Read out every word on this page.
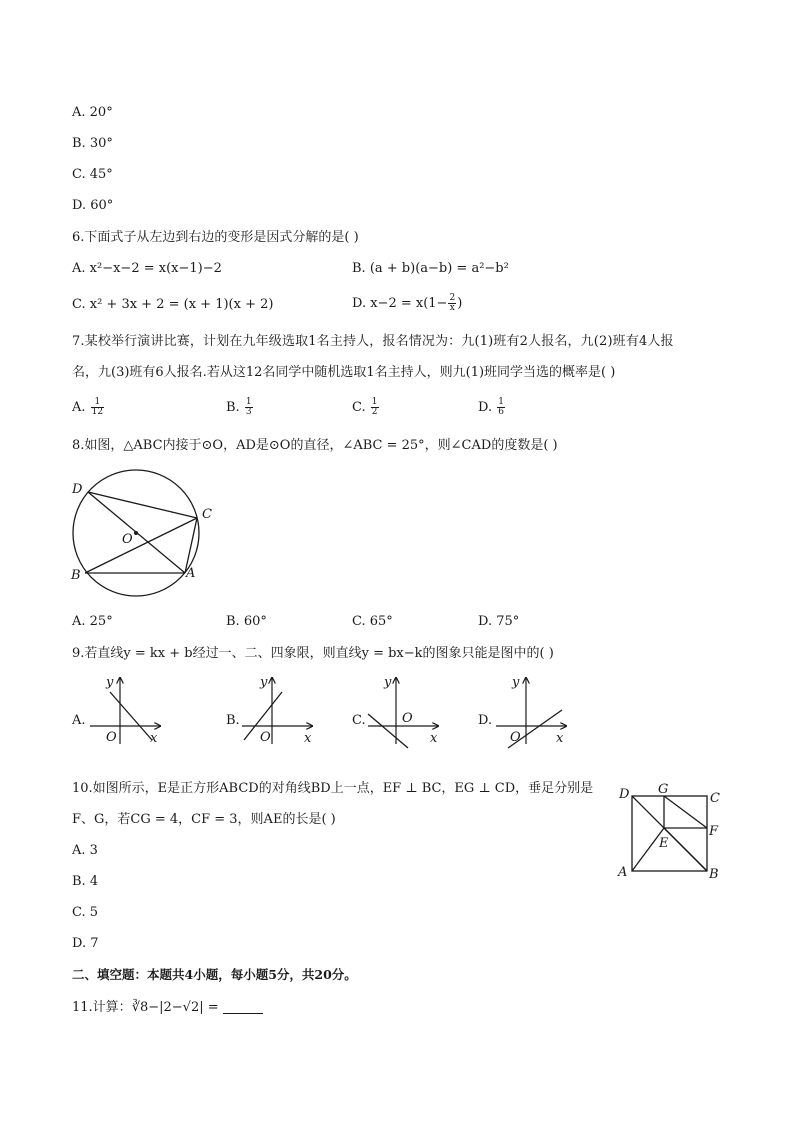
A. 20°
B. 30°
C. 45°
D. 60°
6.下面式子从左边到右边的变形是因式分解的是( )
A. x²−x−2 = x(x−1)−2	B. (a + b)(a−b) = a²−b²
C. x² + 3x + 2 = (x + 1)(x + 2)	D. $x-2 = x(1- \frac{2}{x}$ )
7.某校举行演讲比赛，计划在九年级选取1名主持人，报名情况为：九(1)班有2人报名，九(2)班有4人报
名，九(3)班有6人报名.若从这12名同学中随机选取1名主持人，则九(1)班同学当选的概率是( )
A. $\frac{1}{12}$	B. $\frac{1}{3}$	C. $\frac{1}{2}$	D. $\frac{1}{6}$
8.如图，△ABC内接于⊙O，AD是⊙O的直径，∠ABC = 25°，则∠CAD的度数是( )
D
C
O
B	A
A. 25°	B. 60°	C. 65°	D. 75°
9.若直线y = kx + b经过一、二、四象限，则直线y = bx−k的图象只能是图中的( )
A.
y
x
O
B.
y
x
O
C.
y
x
O	D.
y
x
O
10.如图所示，E是正方形ABCD的对角线BD上一点，EF ⊥ BC，EG ⊥ CD，垂足分别是
F、G，若CG = 4，CF = 3，则AE的长是( )
D G
C
F
E
A	B
A. 3
B. 4
C. 5
D. 7
二、填空题：本题共4小题，每小题5分，共20分。
11.计算：∛8−|2−√2| =
